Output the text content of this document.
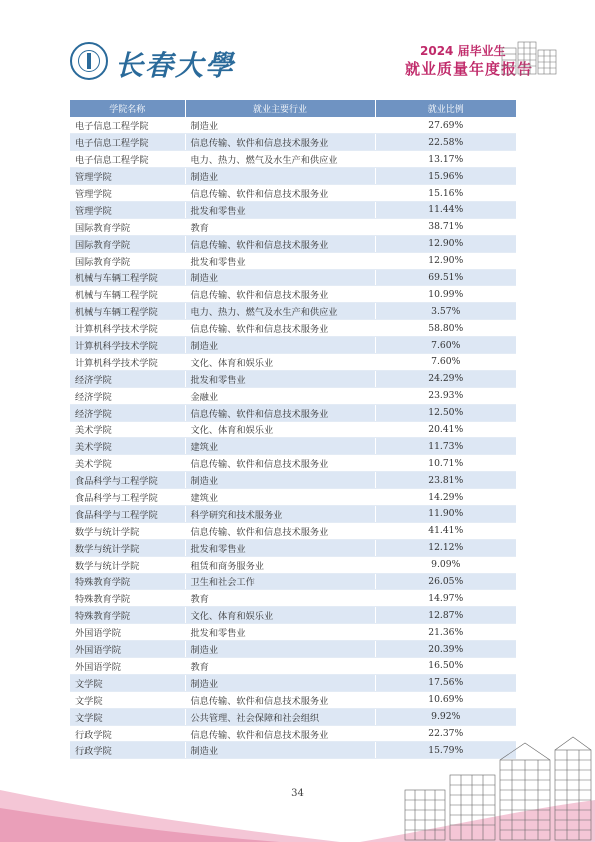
长春大學	2024 届毕业生
就业质量年度报告
学院名称	就业主要行业	就业比例
电子信息工程学院	制造业	27.69%
电子信息工程学院	信息传输、软件和信息技术服务业	22.58%
电子信息工程学院	电力、热力、燃气及水生产和供应业	13.17%
管理学院	制造业	15.96%
管理学院	信息传输、软件和信息技术服务业	15.16%
管理学院	批发和零售业	11.44%
国际教育学院	教育	38.71%
国际教育学院	信息传输、软件和信息技术服务业	12.90%
国际教育学院	批发和零售业	12.90%
机械与车辆工程学院	制造业	69.51%
机械与车辆工程学院	信息传输、软件和信息技术服务业	10.99%
机械与车辆工程学院	电力、热力、燃气及水生产和供应业	3.57%
计算机科学技术学院	信息传输、软件和信息技术服务业	58.80%
计算机科学技术学院	制造业	7.60%
计算机科学技术学院	文化、体育和娱乐业	7.60%
经济学院	批发和零售业	24.29%
经济学院	金融业	23.93%
经济学院	信息传输、软件和信息技术服务业	12.50%
美术学院	文化、体育和娱乐业	20.41%
美术学院	建筑业	11.73%
美术学院	信息传输、软件和信息技术服务业	10.71%
食品科学与工程学院	制造业	23.81%
食品科学与工程学院	建筑业	14.29%
食品科学与工程学院	科学研究和技术服务业	11.90%
数学与统计学院	信息传输、软件和信息技术服务业	41.41%
数学与统计学院	批发和零售业	12.12%
数学与统计学院	租赁和商务服务业	9.09%
特殊教育学院	卫生和社会工作	26.05%
特殊教育学院	教育	14.97%
特殊教育学院	文化、体育和娱乐业	12.87%
外国语学院	批发和零售业	21.36%
外国语学院	制造业	20.39%
外国语学院	教育	16.50%
文学院	制造业	17.56%
文学院	信息传输、软件和信息技术服务业	10.69%
文学院	公共管理、社会保障和社会组织	9.92%
行政学院	信息传输、软件和信息技术服务业	22.37%
行政学院	制造业	15.79%
34
